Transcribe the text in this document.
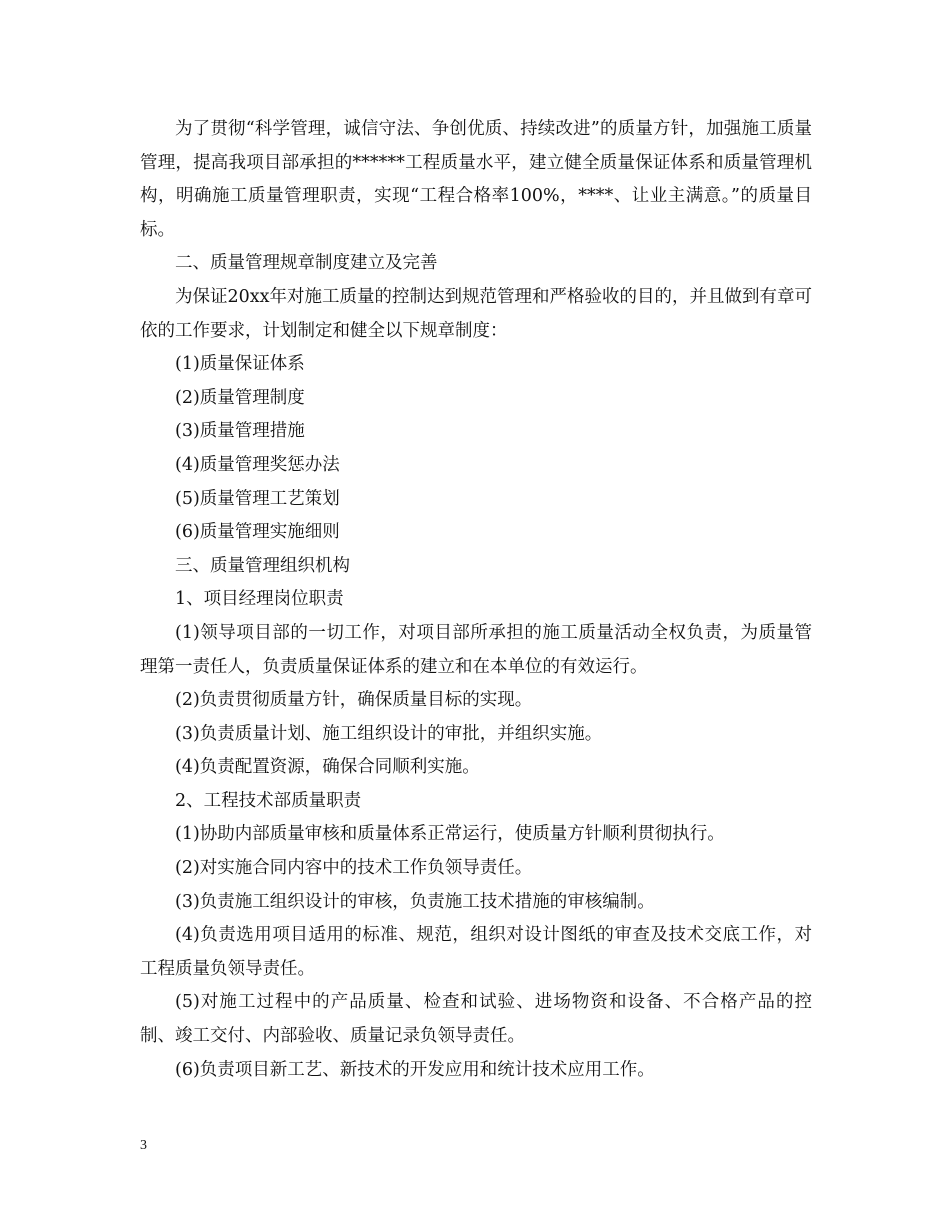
为了贯彻“科学管理，诚信守法、争创优质、持续改进”的质量方针，加强施工质量管理，提高我项目部承担的******工程质量水平，建立健全质量保证体系和质量管理机构，明确施工质量管理职责，实现“工程合格率100%，****、让业主满意。”的质量目标。

二、质量管理规章制度建立及完善

为保证20xx年对施工质量的控制达到规范管理和严格验收的目的，并且做到有章可依的工作要求，计划制定和健全以下规章制度：

(1)质量保证体系

(2)质量管理制度

(3)质量管理措施

(4)质量管理奖惩办法

(5)质量管理工艺策划

(6)质量管理实施细则

三、质量管理组织机构

1、项目经理岗位职责

(1)领导项目部的一切工作，对项目部所承担的施工质量活动全权负责，为质量管理第一责任人，负责质量保证体系的建立和在本单位的有效运行。

(2)负责贯彻质量方针，确保质量目标的实现。

(3)负责质量计划、施工组织设计的审批，并组织实施。

(4)负责配置资源，确保合同顺利实施。

2、工程技术部质量职责

(1)协助内部质量审核和质量体系正常运行，使质量方针顺利贯彻执行。

(2)对实施合同内容中的技术工作负领导责任。

(3)负责施工组织设计的审核，负责施工技术措施的审核编制。

(4)负责选用项目适用的标准、规范，组织对设计图纸的审查及技术交底工作，对工程质量负领导责任。

(5)对施工过程中的产品质量、检查和试验、进场物资和设备、不合格产品的控制、竣工交付、内部验收、质量记录负领导责任。

(6)负责项目新工艺、新技术的开发应用和统计技术应用工作。

3
